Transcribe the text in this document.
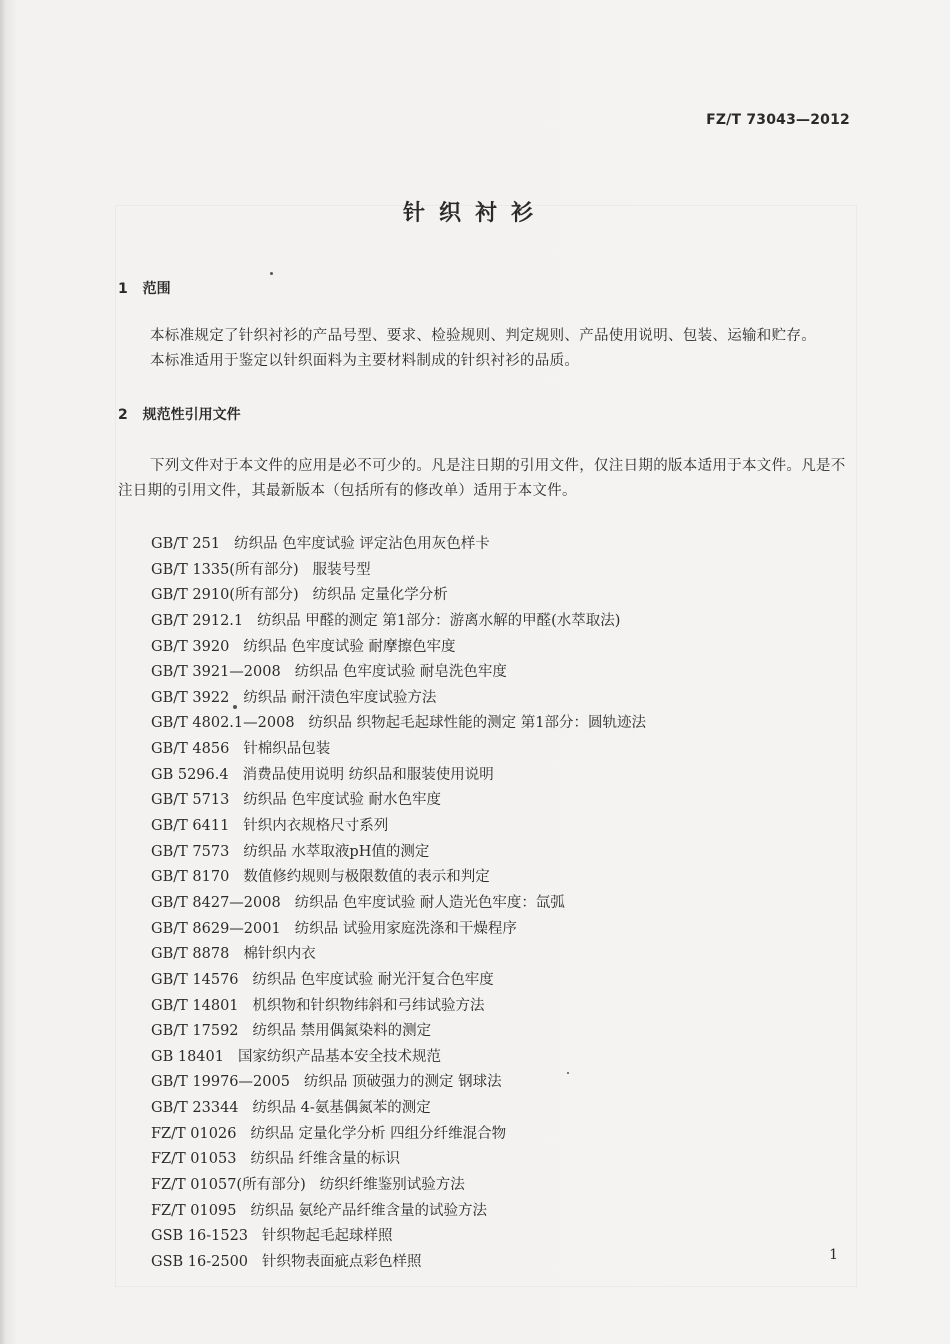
FZ/T 73043—2012
针织衬衫
1 范围
本标准规定了针织衬衫的产品号型、要求、检验规则、判定规则、产品使用说明、包装、运输和贮存。
本标准适用于鉴定以针织面料为主要材料制成的针织衬衫的品质。
2 规范性引用文件
下列文件对于本文件的应用是必不可少的。凡是注日期的引用文件，仅注日期的版本适用于本文件。凡是不注日期的引用文件，其最新版本（包括所有的修改单）适用于本文件。
GB/T 251 纺织品 色牢度试验 评定沾色用灰色样卡
GB/T 1335(所有部分) 服装号型
GB/T 2910(所有部分) 纺织品 定量化学分析
GB/T 2912.1 纺织品 甲醛的测定 第1部分：游离水解的甲醛(水萃取法)
GB/T 3920 纺织品 色牢度试验 耐摩擦色牢度
GB/T 3921—2008 纺织品 色牢度试验 耐皂洗色牢度
GB/T 3922 纺织品 耐汗渍色牢度试验方法
GB/T 4802.1—2008 纺织品 织物起毛起球性能的测定 第1部分：圆轨迹法
GB/T 4856 针棉织品包装
GB 5296.4 消费品使用说明 纺织品和服装使用说明
GB/T 5713 纺织品 色牢度试验 耐水色牢度
GB/T 6411 针织内衣规格尺寸系列
GB/T 7573 纺织品 水萃取液pH值的测定
GB/T 8170 数值修约规则与极限数值的表示和判定
GB/T 8427—2008 纺织品 色牢度试验 耐人造光色牢度：氙弧
GB/T 8629—2001 纺织品 试验用家庭洗涤和干燥程序
GB/T 8878 棉针织内衣
GB/T 14576 纺织品 色牢度试验 耐光汗复合色牢度
GB/T 14801 机织物和针织物纬斜和弓纬试验方法
GB/T 17592 纺织品 禁用偶氮染料的测定
GB 18401 国家纺织产品基本安全技术规范
GB/T 19976—2005 纺织品 顶破强力的测定 钢球法
GB/T 23344 纺织品 4-氨基偶氮苯的测定
FZ/T 01026 纺织品 定量化学分析 四组分纤维混合物
FZ/T 01053 纺织品 纤维含量的标识
FZ/T 01057(所有部分) 纺织纤维鉴别试验方法
FZ/T 01095 纺织品 氨纶产品纤维含量的试验方法
GSB 16-1523 针织物起毛起球样照
GSB 16-2500 针织物表面疵点彩色样照	1
